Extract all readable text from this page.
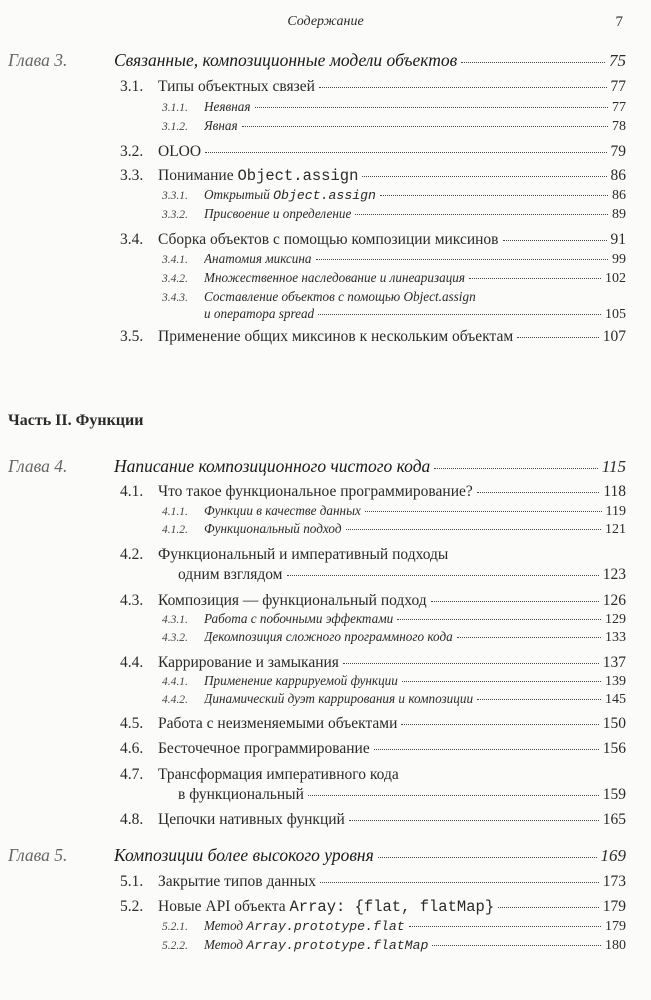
Содержание	7
Глава 3.	Связанные, композиционные модели объектов	75
3.1. Типы объектных связей	77
3.1.1.	Неявная	77
3.1.2.	Явная	78
3.2. OLOO	79
3.3. Понимание Object.assign	86
3.3.1.	Открытый Object.assign	86
3.3.2.	Присвоение и определение	89
3.4. Сборка объектов с помощью композиции миксинов	91
3.4.1.	Анатомия миксина	99
3.4.2.	Множественное наследование и линеаризация	102
3.4.3.	Составление объектов с помощью Object.assign
и оператора spread	105
3.5. Применение общих миксинов к нескольким объектам	107
Часть II. Функции
Глава 4.	Написание композиционного чистого кода	115
4.1. Что такое функциональное программирование?	118
4.1.1.	Функции в качестве данных	119
4.1.2.	Функциональный подход	121
4.2. Функциональный и императивный подходы
одним взглядом	123
4.3. Композиция — функциональный подход	126
4.3.1.	Работа с побочными эффектами	129
4.3.2.	Декомпозиция сложного программного кода	133
4.4. Каррирование и замыкания	137
4.4.1.	Применение каррируемой функции	139
4.4.2.	Динамический дуэт каррирования и композиции	145
4.5. Работа с неизменяемыми объектами	150
4.6. Бесточечное программирование	156
4.7. Трансформация императивного кода
в функциональный	159
4.8. Цепочки нативных функций	165
Глава 5.	Композиции более высокого уровня	169
5.1. Закрытие типов данных	173
5.2. Новые API объекта Array: {flat, flatMap}	179
5.2.1.	Метод Array.prototype.flat	179
5.2.2.	Метод Array.prototype.flatMap	180
